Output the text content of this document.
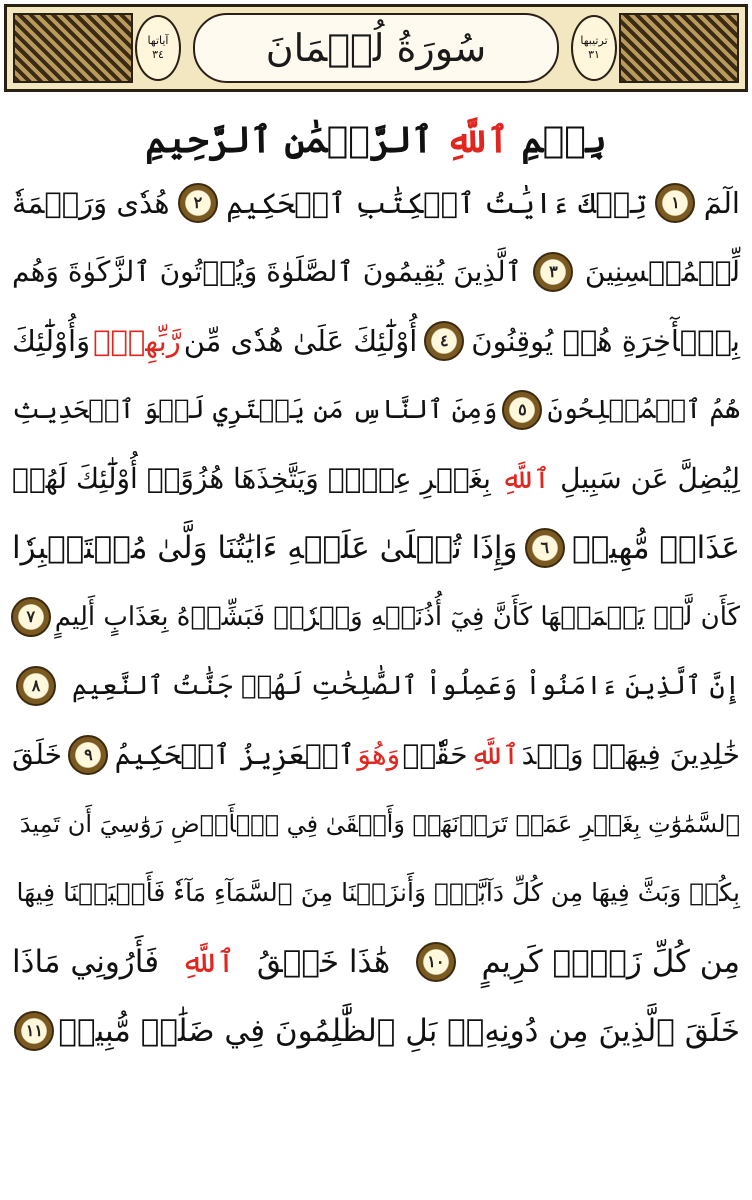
ترتيبها
٣١
سُورَةُ لُقۡمَانَ
آياتها
٣٤
بِسۡمِ ٱللَّهِ ٱلرَّحۡمَٰنِ ٱلرَّحِيمِ
الٓمٓ
١
تِلۡكَ ءَايَٰتُ ٱلۡكِتَٰبِ ٱلۡحَكِيمِ
٢
هُدٗى وَرَحۡمَةٗ
لِّلۡمُحۡسِنِينَ
٣
ٱلَّذِينَ يُقِيمُونَ ٱلصَّلَوٰةَ وَيُؤۡتُونَ ٱلزَّكَوٰةَ وَهُم
بِٱلۡأٓخِرَةِ هُمۡ يُوقِنُونَ
٤
أُوْلَٰٓئِكَ عَلَىٰ هُدٗى مِّن
رَّبِّهِمۡۖ
وَأُوْلَٰٓئِكَ
هُمُ ٱلۡمُفۡلِحُونَ
٥
وَمِنَ ٱلنَّاسِ مَن يَشۡتَرِي لَهۡوَ ٱلۡحَدِيثِ
لِيُضِلَّ عَن سَبِيلِ
ٱللَّهِ
بِغَيۡرِ عِلۡمٖ وَيَتَّخِذَهَا هُزُوًاۚ أُوْلَٰٓئِكَ لَهُمۡ
عَذَابٞ مُّهِينٞ
٦
وَإِذَا تُتۡلَىٰ عَلَيۡهِ ءَايَٰتُنَا وَلَّىٰ مُسۡتَكۡبِرٗا
كَأَن لَّمۡ يَسۡمَعۡهَا كَأَنَّ فِيٓ أُذُنَيۡهِ وَقۡرٗاۖ فَبَشِّرۡهُ بِعَذَابٍ أَلِيمٍ
٧
إِنَّ ٱلَّذِينَ ءَامَنُواْ وَعَمِلُواْ ٱلصَّٰلِحَٰتِ لَهُمۡ جَنَّٰتُ ٱلنَّعِيمِ
٨
خَٰلِدِينَ فِيهَاۖ وَعۡدَ
ٱللَّهِ
حَقّٗاۚ
وَهُوَ
ٱلۡعَزِيزُ ٱلۡحَكِيمُ
٩
خَلَقَ
ٱلسَّمَٰوَٰتِ بِغَيۡرِ عَمَدٖ تَرَوۡنَهَاۖ وَأَلۡقَىٰ فِي ٱلۡأَرۡضِ رَوَٰسِيَ أَن تَمِيدَ
بِكُمۡ وَبَثَّ فِيهَا مِن كُلِّ دَآبَّةٖۚ وَأَنزَلۡنَا مِنَ ٱلسَّمَآءِ مَآءٗ فَأَنۢبَتۡنَا فِيهَا
مِن كُلِّ زَوۡجٖ كَرِيمٍ
١٠
هَٰذَا خَلۡقُ
ٱللَّهِ
فَأَرُونِي مَاذَا
خَلَقَ ٱلَّذِينَ مِن دُونِهِۦۚ بَلِ ٱلظَّٰلِمُونَ فِي ضَلَٰلٖ مُّبِينٖ
١١
